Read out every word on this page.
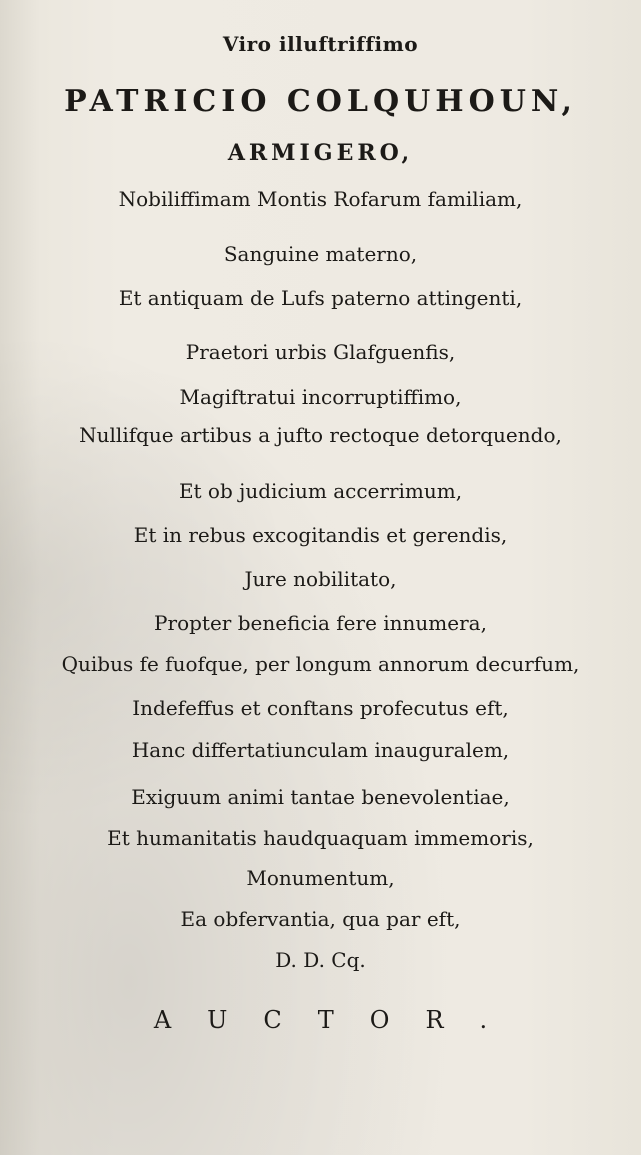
Viro illuftriffimo
PATRICIO COLQUHOUN,
ARMIGERO,
Nobiliffimam Montis Rofarum familiam,
Sanguine materno,
Et antiquam de Lufs paterno attingenti,
Praetori urbis Glafguenfis,
Magiftratui incorruptiffimo,
Nullifque artibus a jufto rectoque detorquendo,
Et ob judicium accerrimum,
Et in rebus excogitandis et gerendis,
Jure nobilitato,
Propter beneficia fere innumera,
Quibus fe fuofque, per longum annorum decurfum,
Indefeffus et conftans profecutus eft,
Hanc differtatiunculam inauguralem,
Exiguum animi tantae benevolentiae,
Et humanitatis haudquaquam immemoris,
Monumentum,
Ea obfervantia, qua par eft,
D. D. Cq.
AUCTOR.
